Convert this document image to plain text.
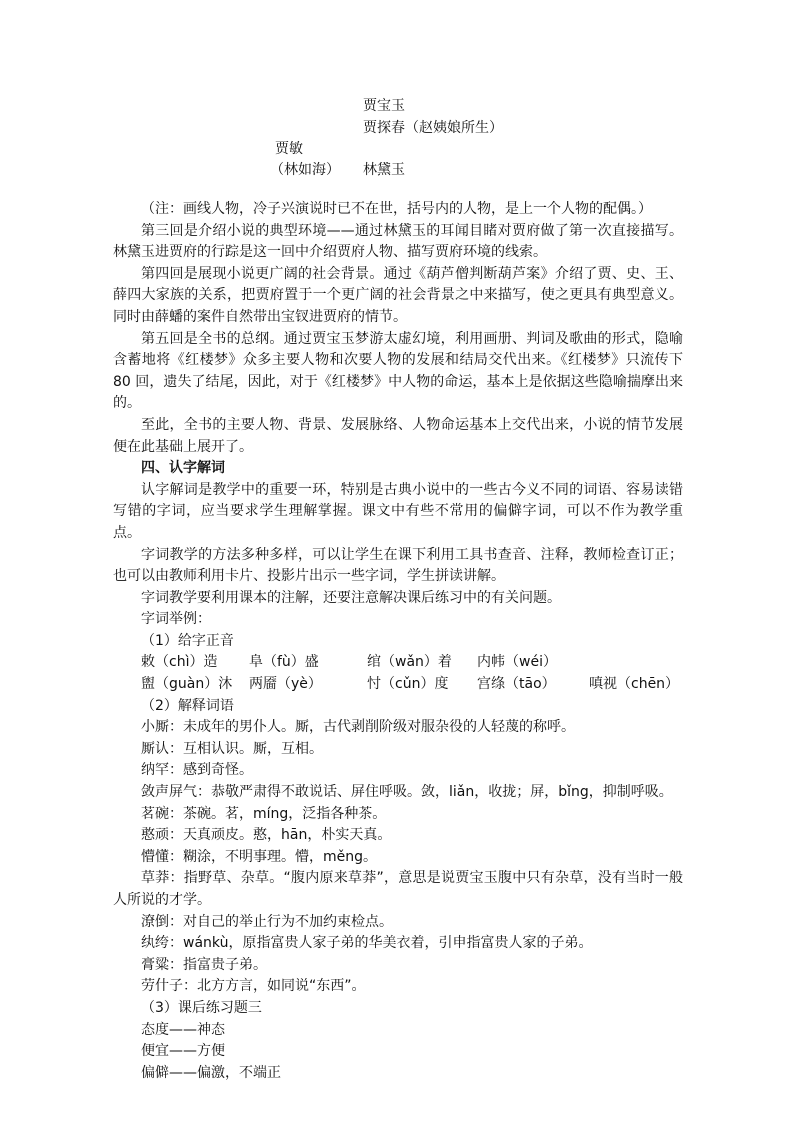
贾宝玉
贾探春（赵姨娘所生）
贾敏
（林如海） 林黛玉

（注：画线人物，冷子兴演说时已不在世，括号内的人物，是上一个人物的配偶。）

第三回是介绍小说的典型环境——通过林黛玉的耳闻目睹对贾府做了第一次直接描写。林黛玉进贾府的行踪是这一回中介绍贾府人物、描写贾府环境的线索。

第四回是展现小说更广阔的社会背景。通过《葫芦僧判断葫芦案》介绍了贾、史、王、薛四大家族的关系，把贾府置于一个更广阔的社会背景之中来描写，使之更具有典型意义。同时由薛蟠的案件自然带出宝钗进贾府的情节。

第五回是全书的总纲。通过贾宝玉梦游太虚幻境，利用画册、判词及歌曲的形式，隐喻含蓄地将《红楼梦》众多主要人物和次要人物的发展和结局交代出来。《红楼梦》只流传下 80 回，遗失了结尾，因此，对于《红楼梦》中人物的命运，基本上是依据这些隐喻揣摩出来的。

至此，全书的主要人物、背景、发展脉络、人物命运基本上交代出来，小说的情节发展便在此基础上展开了。

四、认字解词

认字解词是教学中的重要一环，特别是古典小说中的一些古今义不同的词语、容易读错写错的字词，应当要求学生理解掌握。课文中有些不常用的偏僻字词，可以不作为教学重点。

字词教学的方法多种多样，可以让学生在课下利用工具书查音、注释，教师检查订正；也可以由教师利用卡片、投影片出示一些字词，学生拼读讲解。

字词教学要利用课本的注解，还要注意解决课后练习中的有关问题。

字词举例：

（1）给字正音

敕（chì）造 阜（fù）盛	绾（wǎn）着 内帏（wéi）
盥（guàn）沐 两靥（yè）	忖（cǔn）度 宫绦（tāo） 嗔视（chēn）

（2）解释词语

小厮：未成年的男仆人。厮，古代剥削阶级对服杂役的人轻蔑的称呼。

厮认：互相认识。厮，互相。

纳罕：感到奇怪。

敛声屏气：恭敬严肃得不敢说话、屏住呼吸。敛，liǎn，收拢；屏，bǐng，抑制呼吸。

茗碗：茶碗。茗，míng，泛指各种茶。

憨顽：天真顽皮。憨，hān，朴实天真。

懵懂：糊涂，不明事理。懵，měng。

草莽：指野草、杂草。“腹内原来草莽”，意思是说贾宝玉腹中只有杂草，没有当时一般人所说的才学。

潦倒：对自己的举止行为不加约束检点。

纨绔：wánkù，原指富贵人家子弟的华美衣着，引申指富贵人家的子弟。

膏粱：指富贵子弟。

劳什子：北方方言，如同说“东西”。

（3）课后练习题三

态度——神态

便宜——方便

偏僻——偏激，不端正
